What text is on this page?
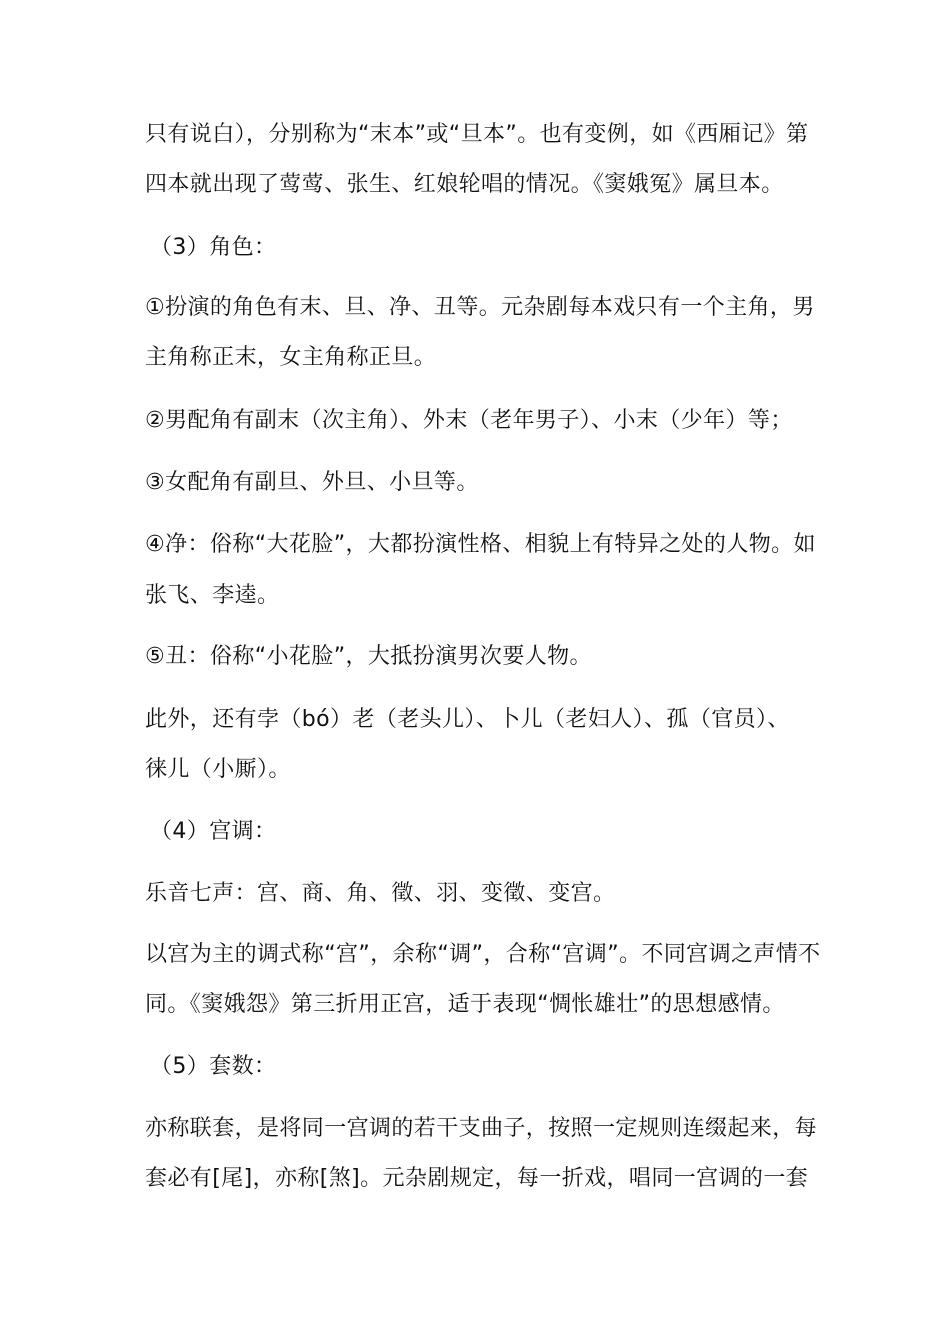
只有说白），分别称为“末本”或“旦本”。也有变例，如《西厢记》第
四本就出现了莺莺、张生、红娘轮唱的情况。《窦娥冤》属旦本。
（3）角色：
①扮演的角色有末、旦、净、丑等。元杂剧每本戏只有一个主角，男
主角称正末，女主角称正旦。
②男配角有副末（次主角）、外末（老年男子）、小末（少年）等；
③女配角有副旦、外旦、小旦等。
④净：俗称“大花脸”，大都扮演性格、相貌上有特异之处的人物。如
张飞、李逵。
⑤丑：俗称“小花脸”，大抵扮演男次要人物。
此外，还有孛（bó）老（老头儿）、卜儿（老妇人）、孤（官员）、
徕儿（小厮）。
（4）宫调：
乐音七声：宫、商、角、徵、羽、变徵、变宫。
以宫为主的调式称“宫”，余称“调”，合称“宫调”。不同宫调之声情不
同。《窦娥怨》第三折用正宫，适于表现“惆怅雄壮”的思想感情。
（5）套数：
亦称联套，是将同一宫调的若干支曲子，按照一定规则连缀起来，每
套必有[尾]，亦称[煞]。元杂剧规定，每一折戏，唱同一宫调的一套
